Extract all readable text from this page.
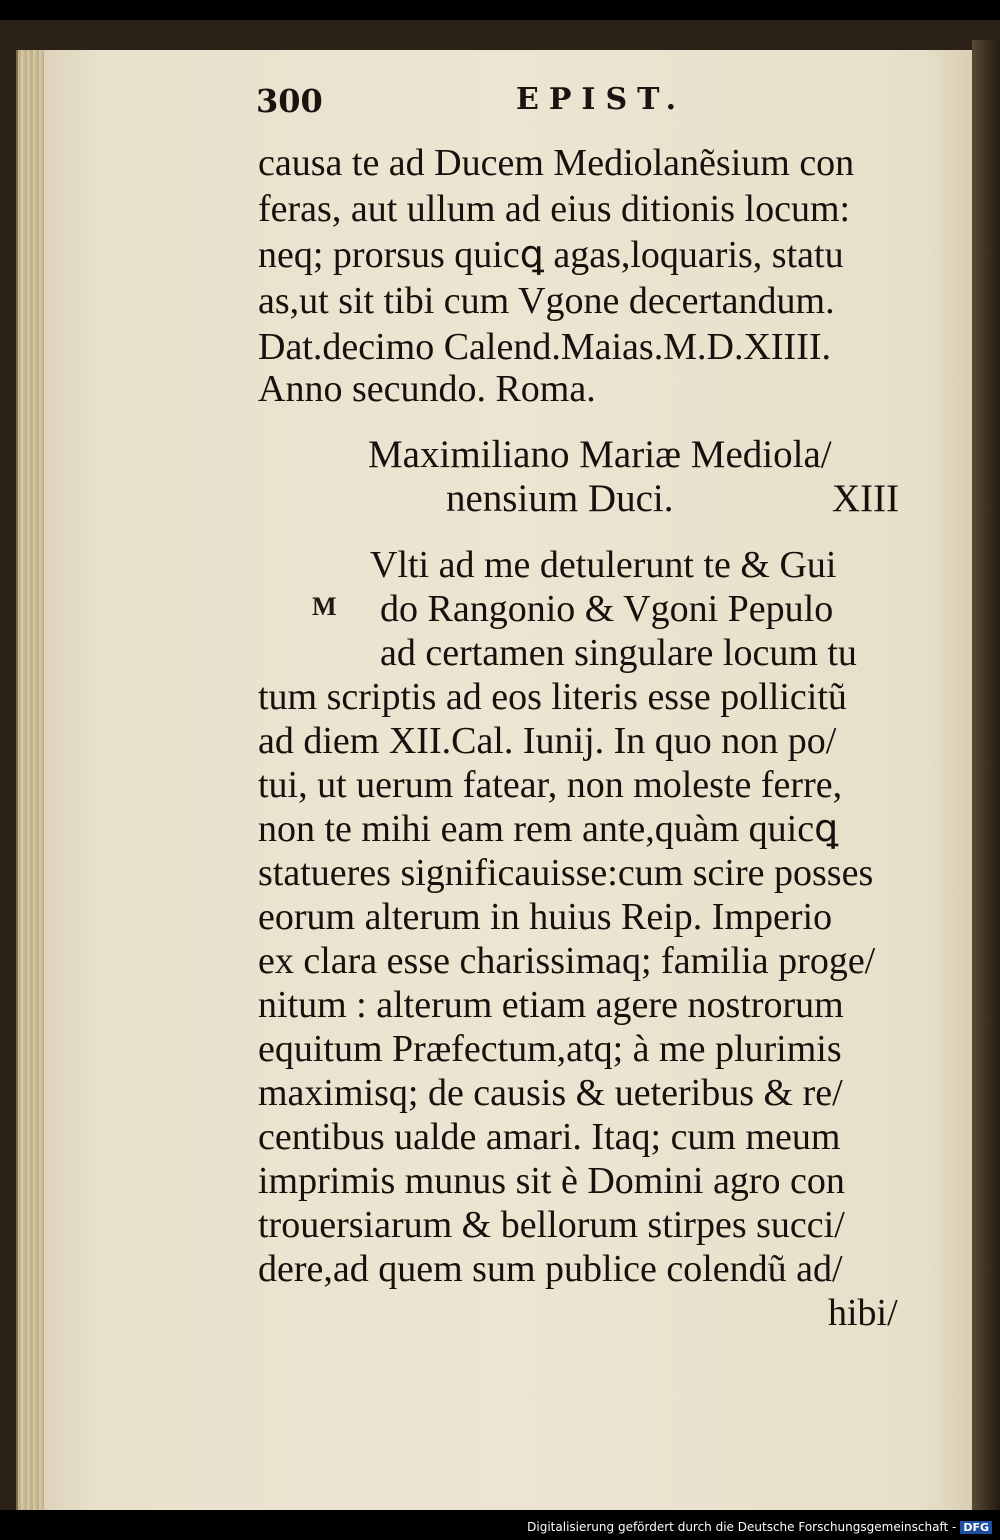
300	EPIST.
causa te ad Ducem Mediolanẽsium con
feras, aut ullum ad eius ditionis locum:
neq; prorsus quicꝗ agas,loquaris, statu
as,ut sit tibi cum Vgone decertandum.
Dat.decimo Calend.Maias.M.D.XIIII.
Anno secundo. Roma.
Maximiliano Mariæ Mediola/
nensium Duci.	XIII
M
Vlti ad me detulerunt te & Gui
do Rangonio & Vgoni Pepulo
ad certamen singulare locum tu
tum scriptis ad eos literis esse pollicitũ
ad diem XII.Cal. Iunij. In quo non po/
tui, ut uerum fatear, non moleste ferre,
non te mihi eam rem ante,quàm quicꝗ
statueres significauisse:cum scire posses
eorum alterum in huius Reip. Imperio
ex clara esse charissimaq; familia proge/
nitum : alterum etiam agere nostrorum
equitum Præfectum,atq; à me plurimis
maximisq; de causis & ueteribus & re/
centibus ualde amari. Itaq; cum meum
imprimis munus sit è Domini agro con
trouersiarum & bellorum stirpes succi/
dere,ad quem sum publice colendũ ad/
hibi/
Digitalisierung gefördert durch die Deutsche Forschungsgemeinschaft - DFG
